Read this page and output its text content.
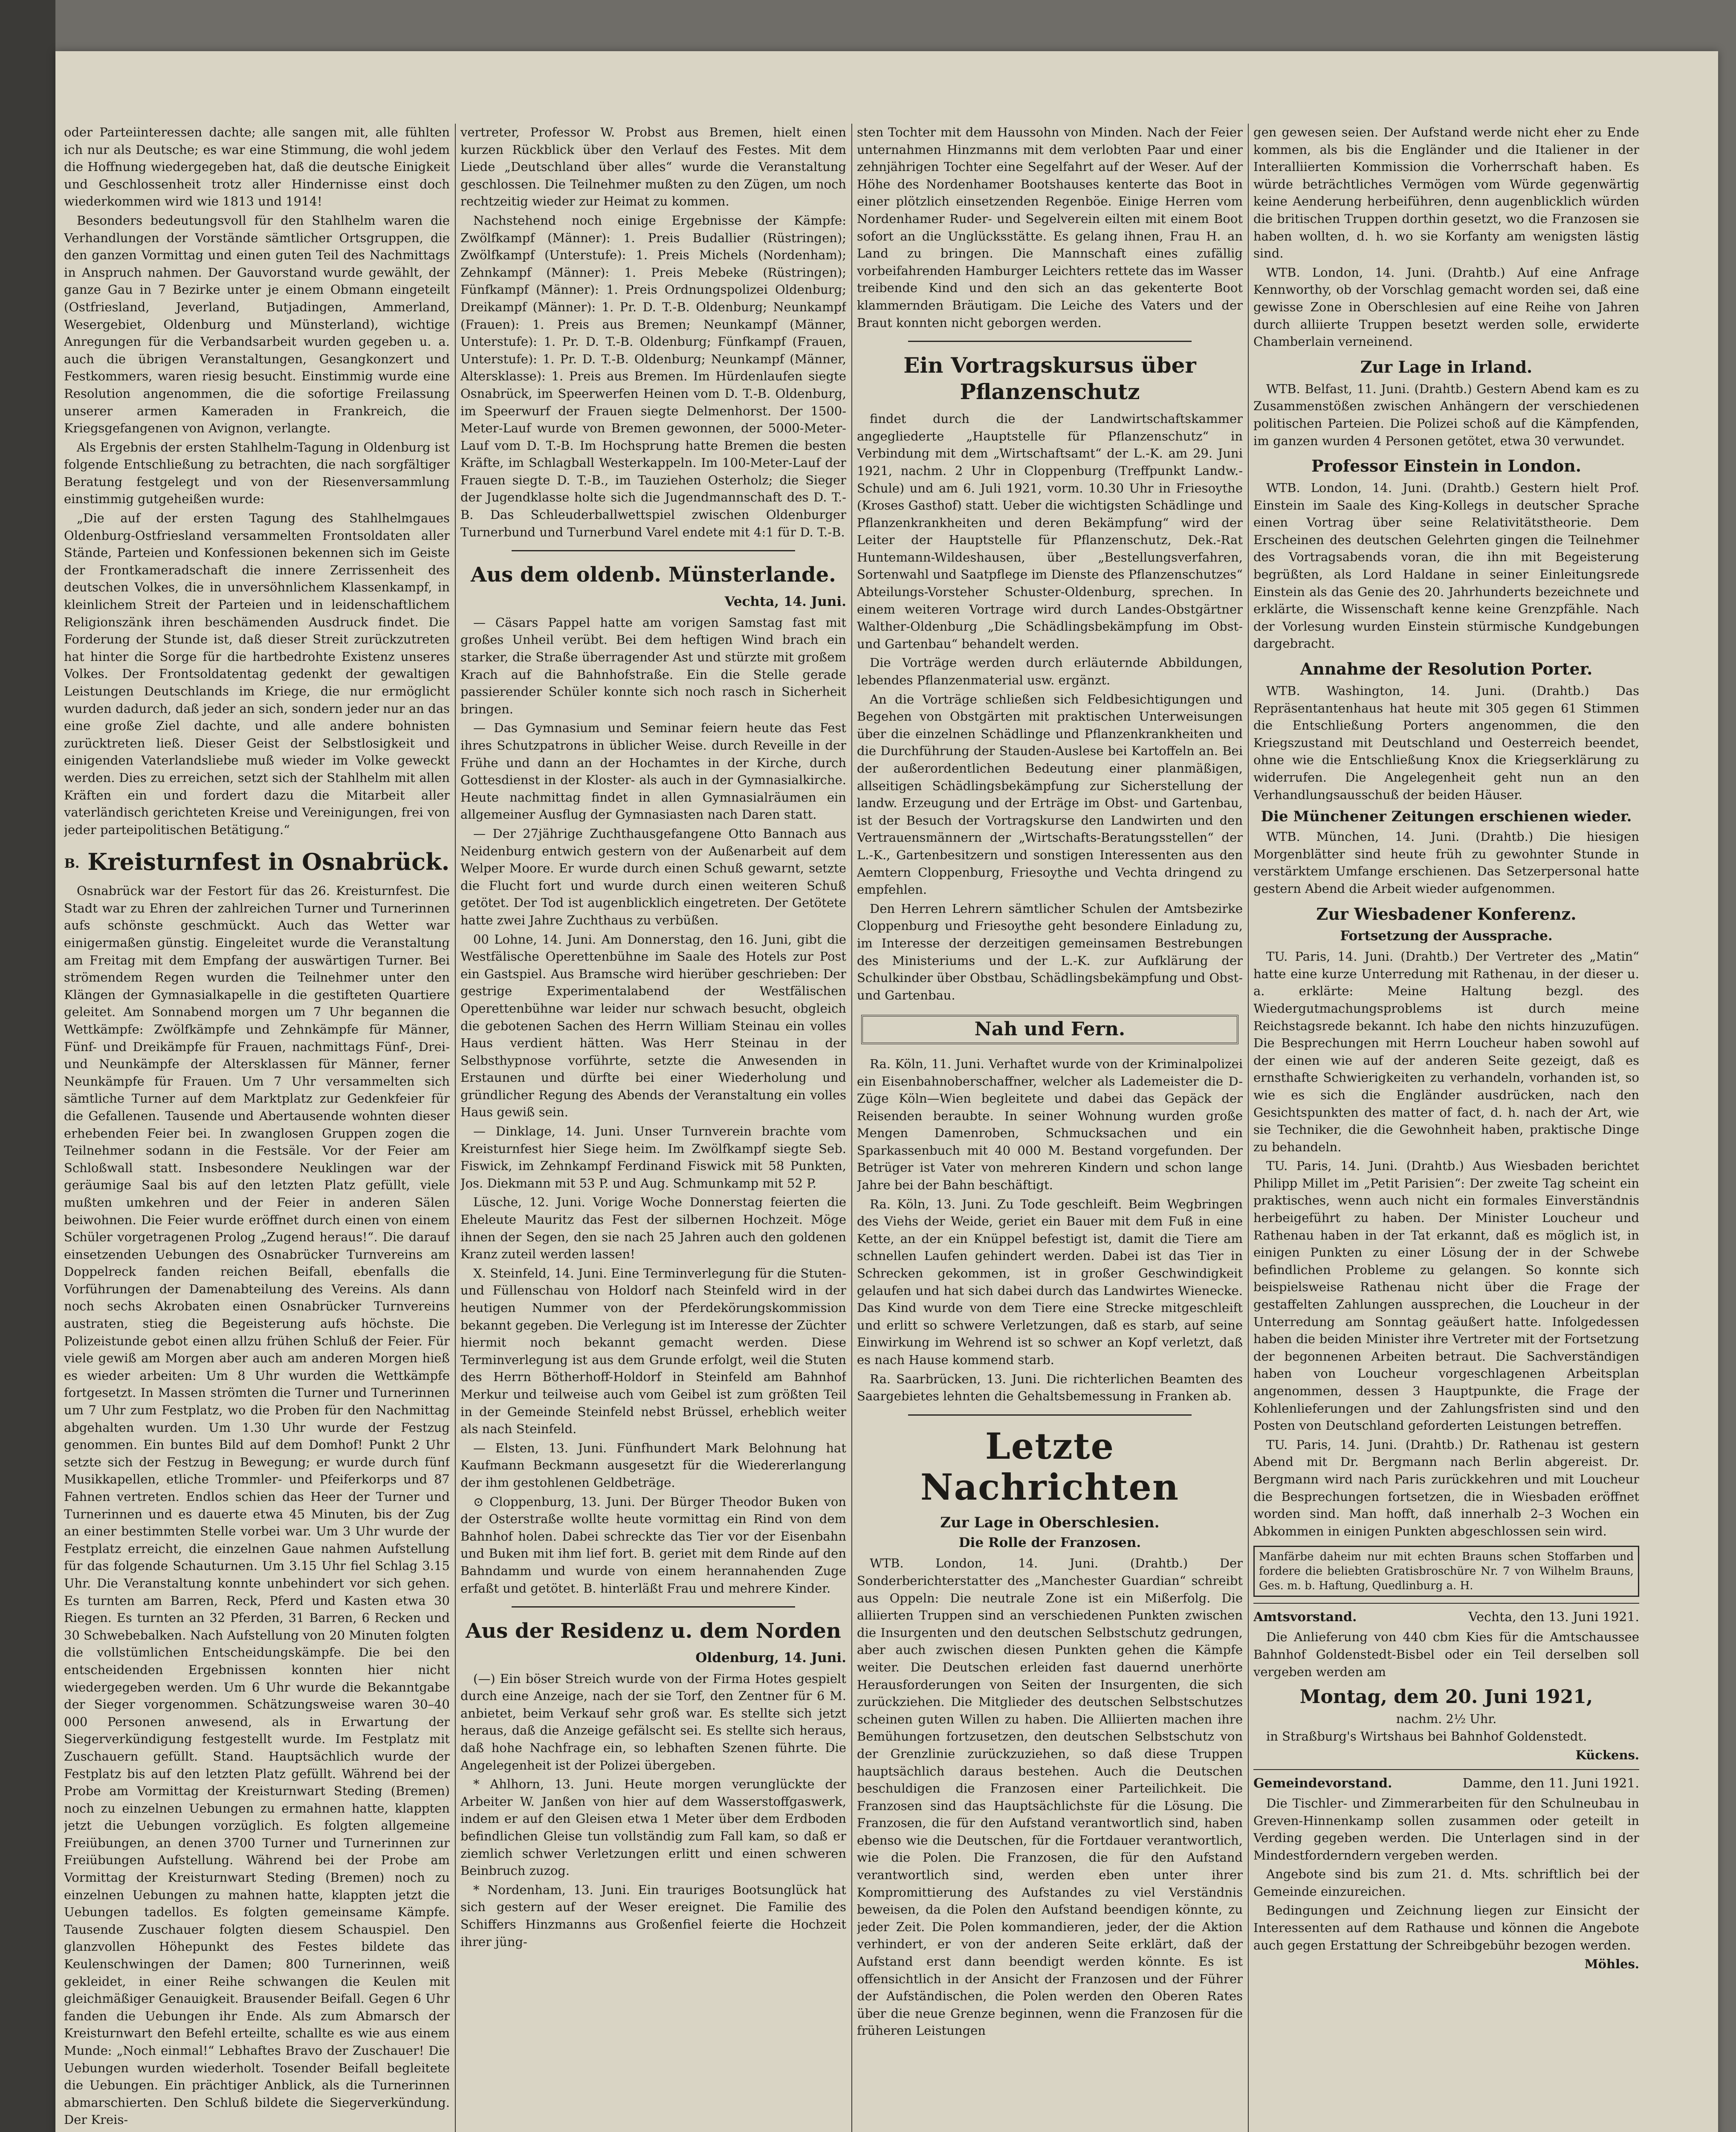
oder Parteiinteressen dachte; alle sangen mit, alle fühlten ich nur als Deutsche; es war eine Stimmung, die wohl jedem die Hoffnung wiedergegeben hat, daß die deutsche Einigkeit und Geschlossenheit trotz aller Hindernisse einst doch wiederkommen wird wie 1813 und 1914!

Besonders bedeutungsvoll für den Stahlhelm waren die Verhandlungen der Vorstände sämtlicher Ortsgruppen, die den ganzen Vormittag und einen guten Teil des Nachmittags in Anspruch nahmen. Der Gauvorstand wurde gewählt, der ganze Gau in 7 Bezirke unter je einem Obmann eingeteilt (Ostfriesland, Jeverland, Butjadingen, Ammerland, Wesergebiet, Oldenburg und Münsterland), wichtige Anregungen für die Verbandsarbeit wurden gegeben u. a. auch die übrigen Veranstaltungen, Gesangkonzert und Festkommers, waren riesig besucht. Einstimmig wurde eine Resolution angenommen, die die sofortige Freilassung unserer armen Kameraden in Frankreich, die Kriegsgefangenen von Avignon, verlangte.

Als Ergebnis der ersten Stahlhelm-Tagung in Oldenburg ist folgende Entschließung zu betrachten, die nach sorgfältiger Beratung festgelegt und von der Riesenversammlung einstimmig gutgeheißen wurde:

„Die auf der ersten Tagung des Stahlhelmgaues Oldenburg-Ostfriesland versammelten Frontsoldaten aller Stände, Parteien und Konfessionen bekennen sich im Geiste der Frontkameradschaft die innere Zerrissenheit des deutschen Volkes, die in unversöhnlichem Klassenkampf, in kleinlichem Streit der Parteien und in leidenschaftlichem Religionszänk ihren beschämenden Ausdruck findet. Die Forderung der Stunde ist, daß dieser Streit zurückzutreten hat hinter die Sorge für die hartbedrohte Existenz unseres Volkes. Der Frontsoldatentag gedenkt der gewaltigen Leistungen Deutschlands im Kriege, die nur ermöglicht wurden dadurch, daß jeder an sich, sondern jeder nur an das eine große Ziel dachte, und alle andere bohnisten zurücktreten ließ. Dieser Geist der Selbstlosigkeit und einigenden Vaterlandsliebe muß wieder im Volke geweckt werden. Dies zu erreichen, setzt sich der Stahlhelm mit allen Kräften ein und fordert dazu die Mitarbeit aller vaterländisch gerichteten Kreise und Vereinigungen, frei von jeder parteipolitischen Betätigung.“

B. Kreisturnfest in Osnabrück.

Osnabrück war der Festort für das 26. Kreisturnfest. Die Stadt war zu Ehren der zahlreichen Turner und Turnerinnen aufs schönste geschmückt. Auch das Wetter war einigermaßen günstig. Eingeleitet wurde die Veranstaltung am Freitag mit dem Empfang der auswärtigen Turner. Bei strömendem Regen wurden die Teilnehmer unter den Klängen der Gymnasialkapelle in die gestifteten Quartiere geleitet. Am Sonnabend morgen um 7 Uhr begannen die Wettkämpfe: Zwölfkämpfe und Zehnkämpfe für Männer, Fünf- und Dreikämpfe für Frauen, nachmittags Fünf-, Drei- und Neunkämpfe der Altersklassen für Männer, ferner Neunkämpfe für Frauen. Um 7 Uhr versammelten sich sämtliche Turner auf dem Marktplatz zur Gedenkfeier für die Gefallenen. Tausende und Abertausende wohnten dieser erhebenden Feier bei. In zwanglosen Gruppen zogen die Teilnehmer sodann in die Festsäle. Vor der Feier am Schloßwall statt. Insbesondere Neuklingen war der geräumige Saal bis auf den letzten Platz gefüllt, viele mußten umkehren und der Feier in anderen Sälen beiwohnen. Die Feier wurde eröffnet durch einen von einem Schüler vorgetragenen Prolog „Zugend heraus!“. Die darauf einsetzenden Uebungen des Osnabrücker Turnvereins am Doppelreck fanden reichen Beifall, ebenfalls die Vorführungen der Damenabteilung des Vereins. Als dann noch sechs Akrobaten einen Osnabrücker Turnvereins austraten, stieg die Begeisterung aufs höchste. Die Polizeistunde gebot einen allzu frühen Schluß der Feier. Für viele gewiß am Morgen aber auch am anderen Morgen hieß es wieder arbeiten: Um 8 Uhr wurden die Wettkämpfe fortgesetzt. In Massen strömten die Turner und Turnerinnen um 7 Uhr zum Festplatz, wo die Proben für den Nachmittag abgehalten wurden. Um 1.30 Uhr wurde der Festzug genommen. Ein buntes Bild auf dem Domhof! Punkt 2 Uhr setzte sich der Festzug in Bewegung; er wurde durch fünf Musikkapellen, etliche Trommler- und Pfeiferkorps und 87 Fahnen vertreten. Endlos schien das Heer der Turner und Turnerinnen und es dauerte etwa 45 Minuten, bis der Zug an einer bestimmten Stelle vorbei war. Um 3 Uhr wurde der Festplatz erreicht, die einzelnen Gaue nahmen Aufstellung für das folgende Schauturnen. Um 3.15 Uhr fiel Schlag 3.15 Uhr. Die Veranstaltung konnte unbehindert vor sich gehen. Es turnten am Barren, Reck, Pferd und Kasten etwa 30 Riegen. Es turnten an 32 Pferden, 31 Barren, 6 Recken und 30 Schwebebalken. Nach Aufstellung von 20 Minuten folgten die vollstümlichen Entscheidungskämpfe. Die bei den entscheidenden Ergebnissen konnten hier nicht wiedergegeben werden. Um 6 Uhr wurde die Bekanntgabe der Sieger vorgenommen. Schätzungsweise waren 30–40 000 Personen anwesend, als in Erwartung der Siegerverkündigung festgestellt wurde. Im Festplatz mit Zuschauern gefüllt. Stand. Hauptsächlich wurde der Festplatz bis auf den letzten Platz gefüllt. Während bei der Probe am Vormittag der Kreisturnwart Steding (Bremen) noch zu einzelnen Uebungen zu ermahnen hatte, klappten jetzt die Uebungen vorzüglich. Es folgten allgemeine Freiübungen, an denen 3700 Turner und Turnerinnen zur Freiübungen Aufstellung. Während bei der Probe am Vormittag der Kreisturnwart Steding (Bremen) noch zu einzelnen Uebungen zu mahnen hatte, klappten jetzt die Uebungen tadellos. Es folgten gemeinsame Kämpfe. Tausende Zuschauer folgten diesem Schauspiel. Den glanzvollen Höhepunkt des Festes bildete das Keulenschwingen der Damen; 800 Turnerinnen, weiß gekleidet, in einer Reihe schwangen die Keulen mit gleichmäßiger Genauigkeit. Brausender Beifall. Gegen 6 Uhr fanden die Uebungen ihr Ende. Als zum Abmarsch der Kreisturnwart den Befehl erteilte, schallte es wie aus einem Munde: „Noch einmal!“ Lebhaftes Bravo der Zuschauer! Die Uebungen wurden wiederholt. Tosender Beifall begleitete die Uebungen. Ein prächtiger Anblick, als die Turnerinnen abmarschierten. Den Schluß bildete die Siegerverkündung. Der Kreis-

vertreter, Professor W. Probst aus Bremen, hielt einen kurzen Rückblick über den Verlauf des Festes. Mit dem Liede „Deutschland über alles“ wurde die Veranstaltung geschlossen. Die Teilnehmer mußten zu den Zügen, um noch rechtzeitig wieder zur Heimat zu kommen.

Nachstehend noch einige Ergebnisse der Kämpfe: Zwölfkampf (Männer): 1. Preis Budallier (Rüstringen); Zwölfkampf (Unterstufe): 1. Preis Michels (Nordenham); Zehnkampf (Männer): 1. Preis Mebeke (Rüstringen); Fünfkampf (Männer): 1. Preis Ordnungspolizei Oldenburg; Dreikampf (Männer): 1. Pr. D. T.-B. Oldenburg; Neunkampf (Frauen): 1. Preis aus Bremen; Neunkampf (Männer, Unterstufe): 1. Pr. D. T.-B. Oldenburg; Fünfkampf (Frauen, Unterstufe): 1. Pr. D. T.-B. Oldenburg; Neunkampf (Männer, Altersklasse): 1. Preis aus Bremen. Im Hürdenlaufen siegte Osnabrück, im Speerwerfen Heinen vom D. T.-B. Oldenburg, im Speerwurf der Frauen siegte Delmenhorst. Der 1500-Meter-Lauf wurde von Bremen gewonnen, der 5000-Meter-Lauf vom D. T.-B. Im Hochsprung hatte Bremen die besten Kräfte, im Schlagball Westerkappeln. Im 100-Meter-Lauf der Frauen siegte D. T.-B., im Tauziehen Osterholz; die Sieger der Jugendklasse holte sich die Jugendmannschaft des D. T.-B. Das Schleuderballwettspiel zwischen Oldenburger Turnerbund und Turnerbund Varel endete mit 4:1 für D. T.-B.

Aus dem oldenb. Münsterlande.
Vechta, 14. Juni.

— Cäsars Pappel hatte am vorigen Samstag fast mit großes Unheil verübt. Bei dem heftigen Wind brach ein starker, die Straße überragender Ast und stürzte mit großem Krach auf die Bahnhofstraße. Ein die Stelle gerade passierender Schüler konnte sich noch rasch in Sicherheit bringen.

— Das Gymnasium und Seminar feiern heute das Fest ihres Schutzpatrons in üblicher Weise. durch Reveille in der Frühe und dann an der Hochamtes in der Kirche, durch Gottesdienst in der Kloster- als auch in der Gymnasialkirche. Heute nachmittag findet in allen Gymnasialräumen ein allgemeiner Ausflug der Gymnasiasten nach Daren statt.

— Der 27jährige Zuchthausgefangene Otto Bannach aus Neidenburg entwich gestern von der Außenarbeit auf dem Welper Moore. Er wurde durch einen Schuß gewarnt, setzte die Flucht fort und wurde durch einen weiteren Schuß getötet. Der Tod ist augenblicklich eingetreten. Der Getötete hatte zwei Jahre Zuchthaus zu verbüßen.

00 Lohne, 14. Juni. Am Donnerstag, den 16. Juni, gibt die Westfälische Operettenbühne im Saale des Hotels zur Post ein Gastspiel. Aus Bramsche wird hierüber geschrieben: Der gestrige Experimentalabend der Westfälischen Operettenbühne war leider nur schwach besucht, obgleich die gebotenen Sachen des Herrn William Steinau ein volles Haus verdient hätten. Was Herr Steinau in der Selbsthypnose vorführte, setzte die Anwesenden in Erstaunen und dürfte bei einer Wiederholung und gründlicher Regung des Abends der Veranstaltung ein volles Haus gewiß sein.

— Dinklage, 14. Juni. Unser Turnverein brachte vom Kreisturnfest hier Siege heim. Im Zwölfkampf siegte Seb. Fiswick, im Zehnkampf Ferdinand Fiswick mit 58 Punkten, Jos. Diekmann mit 53 P. und Aug. Schmunkamp mit 52 P.

Lüsche, 12. Juni. Vorige Woche Donnerstag feierten die Eheleute Mauritz das Fest der silbernen Hochzeit. Möge ihnen der Segen, den sie nach 25 Jahren auch den goldenen Kranz zuteil werden lassen!

X. Steinfeld, 14. Juni. Eine Terminverlegung für die Stuten- und Füllenschau von Holdorf nach Steinfeld wird in der heutigen Nummer von der Pferdekörungskommission bekannt gegeben. Die Verlegung ist im Interesse der Züchter hiermit noch bekannt gemacht werden. Diese Terminverlegung ist aus dem Grunde erfolgt, weil die Stuten des Herrn Bötherhoff-Holdorf in Steinfeld am Bahnhof Merkur und teilweise auch vom Geibel ist zum größten Teil in der Gemeinde Steinfeld nebst Brüssel, erheblich weiter als nach Steinfeld.

— Elsten, 13. Juni. Fünfhundert Mark Belohnung hat Kaufmann Beckmann ausgesetzt für die Wiedererlangung der ihm gestohlenen Geldbeträge.

⊙ Cloppenburg, 13. Juni. Der Bürger Theodor Buken von der Osterstraße wollte heute vormittag ein Rind von dem Bahnhof holen. Dabei schreckte das Tier vor der Eisenbahn und Buken mit ihm lief fort. B. geriet mit dem Rinde auf den Bahndamm und wurde von einem herannahenden Zuge erfaßt und getötet. B. hinterläßt Frau und mehrere Kinder.

Aus der Residenz u. dem Norden
Oldenburg, 14. Juni.

(—) Ein böser Streich wurde von der Firma Hotes gespielt durch eine Anzeige, nach der sie Torf, den Zentner für 6 M. anbietet, beim Verkauf sehr groß war. Es stellte sich jetzt heraus, daß die Anzeige gefälscht sei. Es stellte sich heraus, daß hohe Nachfrage ein, so lebhaften Szenen führte. Die Angelegenheit ist der Polizei übergeben.

* Ahlhorn, 13. Juni. Heute morgen verunglückte der Arbeiter W. Janßen von hier auf dem Wasserstoffgaswerk, indem er auf den Gleisen etwa 1 Meter über dem Erdboden befindlichen Gleise tun vollständig zum Fall kam, so daß er ziemlich schwer Verletzungen erlitt und einen schweren Beinbruch zuzog.

* Nordenham, 13. Juni. Ein trauriges Bootsunglück hat sich gestern auf der Weser ereignet. Die Familie des Schiffers Hinzmanns aus Großenfiel feierte die Hochzeit ihrer jüng-

sten Tochter mit dem Haussohn von Minden. Nach der Feier unternahmen Hinzmanns mit dem verlobten Paar und einer zehnjährigen Tochter eine Segelfahrt auf der Weser. Auf der Höhe des Nordenhamer Bootshauses kenterte das Boot in einer plötzlich einsetzenden Regenböe. Einige Herren vom Nordenhamer Ruder- und Segelverein eilten mit einem Boot sofort an die Unglücksstätte. Es gelang ihnen, Frau H. an Land zu bringen. Die Mannschaft eines zufällig vorbeifahrenden Hamburger Leichters rettete das im Wasser treibende Kind und den sich an das gekenterte Boot klammernden Bräutigam. Die Leiche des Vaters und der Braut konnten nicht geborgen werden.

Ein Vortragskursus über Pflanzenschutz

findet durch die der Landwirtschaftskammer angegliederte „Hauptstelle für Pflanzenschutz“ in Verbindung mit dem „Wirtschaftsamt“ der L.-K. am 29. Juni 1921, nachm. 2 Uhr in Cloppenburg (Treffpunkt Landw.-Schule) und am 6. Juli 1921, vorm. 10.30 Uhr in Friesoythe (Kroses Gasthof) statt. Ueber die wichtigsten Schädlinge und Pflanzenkrankheiten und deren Bekämpfung“ wird der Leiter der Hauptstelle für Pflanzenschutz, Dek.-Rat Huntemann-Wildeshausen, über „Bestellungsverfahren, Sortenwahl und Saatpflege im Dienste des Pflanzenschutzes“ Abteilungs-Vorsteher Schuster-Oldenburg, sprechen. In einem weiteren Vortrage wird durch Landes-Obstgärtner Walther-Oldenburg „Die Schädlingsbekämpfung im Obst- und Gartenbau“ behandelt werden.

Die Vorträge werden durch erläuternde Abbildungen, lebendes Pflanzenmaterial usw. ergänzt.

An die Vorträge schließen sich Feldbesichtigungen und Begehen von Obstgärten mit praktischen Unterweisungen über die einzelnen Schädlinge und Pflanzenkrankheiten und die Durchführung der Stauden-Auslese bei Kartoffeln an. Bei der außerordentlichen Bedeutung einer planmäßigen, allseitigen Schädlingsbekämpfung zur Sicherstellung der landw. Erzeugung und der Erträge im Obst- und Gartenbau, ist der Besuch der Vortragskurse den Landwirten und den Vertrauensmännern der „Wirtschafts-Beratungsstellen“ der L.-K., Gartenbesitzern und sonstigen Interessenten aus den Aemtern Cloppenburg, Friesoythe und Vechta dringend zu empfehlen.

Den Herren Lehrern sämtlicher Schulen der Amtsbezirke Cloppenburg und Friesoythe geht besondere Einladung zu, im Interesse der derzeitigen gemeinsamen Bestrebungen des Ministeriums und der L.-K. zur Aufklärung der Schulkinder über Obstbau, Schädlingsbekämpfung und Obst- und Gartenbau.

Nah und Fern.

Ra. Köln, 11. Juni. Verhaftet wurde von der Kriminalpolizei ein Eisenbahnoberschaffner, welcher als Lademeister die D-Züge Köln—Wien begleitete und dabei das Gepäck der Reisenden beraubte. In seiner Wohnung wurden große Mengen Damenroben, Schmucksachen und ein Sparkassenbuch mit 40 000 M. Bestand vorgefunden. Der Betrüger ist Vater von mehreren Kindern und schon lange Jahre bei der Bahn beschäftigt.

Ra. Köln, 13. Juni. Zu Tode geschleift. Beim Wegbringen des Viehs der Weide, geriet ein Bauer mit dem Fuß in eine Kette, an der ein Knüppel befestigt ist, damit die Tiere am schnellen Laufen gehindert werden. Dabei ist das Tier in Schrecken gekommen, ist in großer Geschwindigkeit gelaufen und hat sich dabei durch das Landwirtes Wienecke. Das Kind wurde von dem Tiere eine Strecke mitgeschleift und erlitt so schwere Verletzungen, daß es starb, auf seine Einwirkung im Wehrend ist so schwer an Kopf verletzt, daß es nach Hause kommend starb.

Ra. Saarbrücken, 13. Juni. Die richterlichen Beamten des Saargebietes lehnten die Gehaltsbemessung in Franken ab.

Letzte Nachrichten
Zur Lage in Oberschlesien.
Die Rolle der Franzosen.

WTB. London, 14. Juni. (Drahtb.) Der Sonderberichterstatter des „Manchester Guardian“ schreibt aus Oppeln: Die neutrale Zone ist ein Mißerfolg. Die alliierten Truppen sind an verschiedenen Punkten zwischen die Insurgenten und den deutschen Selbstschutz gedrungen, aber auch zwischen diesen Punkten gehen die Kämpfe weiter. Die Deutschen erleiden fast dauernd unerhörte Herausforderungen von Seiten der Insurgenten, die sich zurückziehen. Die Mitglieder des deutschen Selbstschutzes scheinen guten Willen zu haben. Die Alliierten machen ihre Bemühungen fortzusetzen, den deutschen Selbstschutz von der Grenzlinie zurückzuziehen, so daß diese Truppen hauptsächlich daraus bestehen. Auch die Deutschen beschuldigen die Franzosen einer Parteilichkeit. Die Franzosen sind das Hauptsächlichste für die Lösung. Die Franzosen, die für den Aufstand verantwortlich sind, haben ebenso wie die Deutschen, für die Fortdauer verantwortlich, wie die Polen. Die Franzosen, die für den Aufstand verantwortlich sind, werden eben unter ihrer Kompromittierung des Aufstandes zu viel Verständnis beweisen, da die Polen den Aufstand beendigen könnte, zu jeder Zeit. Die Polen kommandieren, jeder, der die Aktion verhindert, er von der anderen Seite erklärt, daß der Aufstand erst dann beendigt werden könnte. Es ist offensichtlich in der Ansicht der Franzosen und der Führer der Aufständischen, die Polen werden den Oberen Rates über die neue Grenze beginnen, wenn die Franzosen für die früheren Leistungen

gen gewesen seien. Der Aufstand werde nicht eher zu Ende kommen, als bis die Engländer und die Italiener in der Interalliierten Kommission die Vorherrschaft haben. Es würde beträchtliches Vermögen vom Würde gegenwärtig keine Aenderung herbeiführen, denn augenblicklich würden die britischen Truppen dorthin gesetzt, wo die Franzosen sie haben wollten, d. h. wo sie Korfanty am wenigsten lästig sind.

WTB. London, 14. Juni. (Drahtb.) Auf eine Anfrage Kennworthy, ob der Vorschlag gemacht worden sei, daß eine gewisse Zone in Oberschlesien auf eine Reihe von Jahren durch alliierte Truppen besetzt werden solle, erwiderte Chamberlain verneinend.

Zur Lage in Irland.

WTB. Belfast, 11. Juni. (Drahtb.) Gestern Abend kam es zu Zusammenstößen zwischen Anhängern der verschiedenen politischen Parteien. Die Polizei schoß auf die Kämpfenden, im ganzen wurden 4 Personen getötet, etwa 30 verwundet.

Professor Einstein in London.

WTB. London, 14. Juni. (Drahtb.) Gestern hielt Prof. Einstein im Saale des King-Kollegs in deutscher Sprache einen Vortrag über seine Relativitätstheorie. Dem Erscheinen des deutschen Gelehrten gingen die Teilnehmer des Vortragsabends voran, die ihn mit Begeisterung begrüßten, als Lord Haldane in seiner Einleitungsrede Einstein als das Genie des 20. Jahrhunderts bezeichnete und erklärte, die Wissenschaft kenne keine Grenzpfähle. Nach der Vorlesung wurden Einstein stürmische Kundgebungen dargebracht.

Annahme der Resolution Porter.

WTB. Washington, 14. Juni. (Drahtb.) Das Repräsentantenhaus hat heute mit 305 gegen 61 Stimmen die Entschließung Porters angenommen, die den Kriegszustand mit Deutschland und Oesterreich beendet, ohne wie die Entschließung Knox die Kriegserklärung zu widerrufen. Die Angelegenheit geht nun an den Verhandlungsausschuß der beiden Häuser.

Die Münchener Zeitungen erschienen wieder.

WTB. München, 14. Juni. (Drahtb.) Die hiesigen Morgenblätter sind heute früh zu gewohnter Stunde in verstärktem Umfange erschienen. Das Setzerpersonal hatte gestern Abend die Arbeit wieder aufgenommen.

Zur Wiesbadener Konferenz.
Fortsetzung der Aussprache.

TU. Paris, 14. Juni. (Drahtb.) Der Vertreter des „Matin“ hatte eine kurze Unterredung mit Rathenau, in der dieser u. a. erklärte: Meine Haltung bezgl. des Wiedergutmachungsproblems ist durch meine Reichstagsrede bekannt. Ich habe den nichts hinzuzufügen. Die Besprechungen mit Herrn Loucheur haben sowohl auf der einen wie auf der anderen Seite gezeigt, daß es ernsthafte Schwierigkeiten zu verhandeln, vorhanden ist, so wie es sich die Engländer ausdrücken, nach den Gesichtspunkten des matter of fact, d. h. nach der Art, wie sie Techniker, die die Gewohnheit haben, praktische Dinge zu behandeln.

TU. Paris, 14. Juni. (Drahtb.) Aus Wiesbaden berichtet Philipp Millet im „Petit Parisien“: Der zweite Tag scheint ein praktisches, wenn auch nicht ein formales Einverständnis herbeigeführt zu haben. Der Minister Loucheur und Rathenau haben in der Tat erkannt, daß es möglich ist, in einigen Punkten zu einer Lösung der in der Schwebe befindlichen Probleme zu gelangen. So konnte sich beispielsweise Rathenau nicht über die Frage der gestaffelten Zahlungen aussprechen, die Loucheur in der Unterredung am Sonntag geäußert hatte. Infolgedessen haben die beiden Minister ihre Vertreter mit der Fortsetzung der begonnenen Arbeiten betraut. Die Sachverständigen haben von Loucheur vorgeschlagenen Arbeitsplan angenommen, dessen 3 Hauptpunkte, die Frage der Kohlenlieferungen und der Zahlungsfristen sind und den Posten von Deutschland geforderten Leistungen betreffen.

TU. Paris, 14. Juni. (Drahtb.) Dr. Rathenau ist gestern Abend mit Dr. Bergmann nach Berlin abgereist. Dr. Bergmann wird nach Paris zurückkehren und mit Loucheur die Besprechungen fortsetzen, die in Wiesbaden eröffnet worden sind. Man hofft, daß innerhalb 2–3 Wochen ein Abkommen in einigen Punkten abgeschlossen sein wird.

Manfärbe daheim nur mit echten Brauns schen Stoffarben und fordere die beliebten Gratisbroschüre Nr. 7 von Wilhelm Brauns, Ges. m. b. Haftung, Quedlinburg a. H.
Amtsvorstand.	Vechta, den 13. Juni 1921.

Die Anlieferung von 440 cbm Kies für die Amtschaussee Bahnhof Goldenstedt-Bisbel oder ein Teil derselben soll vergeben werden am

Montag, dem 20. Juni 1921,
nachm. 2½ Uhr.

in Straßburg's Wirtshaus bei Bahnhof Goldenstedt.

Kückens.
Gemeindevorstand.	Damme, den 11. Juni 1921.

Die Tischler- und Zimmerarbeiten für den Schulneubau in Greven-Hinnenkamp sollen zusammen oder geteilt in Verding gegeben werden. Die Unterlagen sind in der Mindestforderndern vergeben werden.

Angebote sind bis zum 21. d. Mts. schriftlich bei der Gemeinde einzureichen.

Bedingungen und Zeichnung liegen zur Einsicht der Interessenten auf dem Rathause und können die Angebote auch gegen Erstattung der Schreibgebühr bezogen werden.

Möhles.
